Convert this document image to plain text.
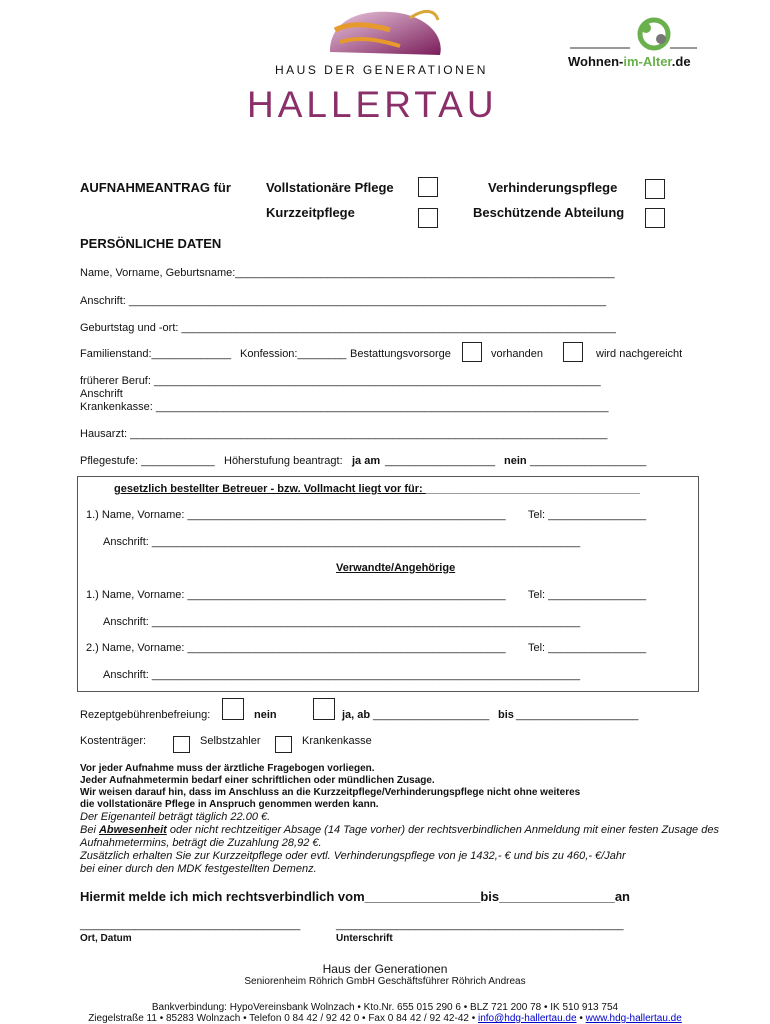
HAUS DER GENERATIONEN
HALLERTAU
Wohnen-im-Alter.de
AUFNAHMEANTRAG für	Vollstationäre Pflege	Verhinderungspflege
Kurzzeitpflege	Beschützende Abteilung
PERSÖNLICHE DATEN
Name, Vorname, Geburtsname:______________________________________________________________
Anschrift: ______________________________________________________________________________
Geburtstag und -ort: _______________________________________________________________________
Familienstand:_____________ Konfession:________ Bestattungsvorsorge	vorhanden	wird nachgereicht
früherer Beruf: _________________________________________________________________________
Anschrift
Krankenkasse: __________________________________________________________________________
Hausarzt: ______________________________________________________________________________
Pflegestufe: ____________ Höherstufung beantragt: ja am __________________ nein ___________________
gesetzlich bestellter Betreuer - bzw. Vollmacht liegt vor für: ___________________________________
1.) Name, Vorname: ____________________________________________________ Tel: ________________
Anschrift: ______________________________________________________________________
Verwandte/Angehörige
1.) Name, Vorname: ____________________________________________________ Tel: ________________
Anschrift: ______________________________________________________________________
2.) Name, Vorname: ____________________________________________________ Tel: ________________
Anschrift: ______________________________________________________________________
Rezeptgebührenbefreiung:	nein	ja, ab ___________________ bis ____________________
Kostenträger:	Selbstzahler	Krankenkasse
Vor jeder Aufnahme muss der ärztliche Fragebogen vorliegen.
Jeder Aufnahmetermin bedarf einer schriftlichen oder mündlichen Zusage.
Wir weisen darauf hin, dass im Anschluss an die Kurzzeitpflege/Verhinderungspflege nicht ohne weiteres
die vollstationäre Pflege in Anspruch genommen werden kann.
Der Eigenanteil beträgt täglich 22.00 €.
Bei Abwesenheit oder nicht rechtzeitiger Absage (14 Tage vorher) der rechtsverbindlichen Anmeldung mit einer festen Zusage des
Aufnahmetermins, beträgt die Zuzahlung 28,92 €.
Zusätzlich erhalten Sie zur Kurzzeitpflege oder evtl. Verhinderungspflege von je 1432,- € und bis zu 460,- €/Jahr
bei einer durch den MDK festgestellten Demenz.
Hiermit melde ich mich rechtsverbindlich vom________________bis________________an
____________________________________
Ort, Datum
_______________________________________________
Unterschrift
Haus der Generationen
Seniorenheim Röhrich GmbH Geschäftsführer Röhrich Andreas
Bankverbindung: HypoVereinsbank Wolnzach • Kto.Nr. 655 015 290 6 • BLZ 721 200 78 • IK 510 913 754
Ziegelstraße 11 • 85283 Wolnzach • Telefon 0 84 42 / 92 42 0 • Fax 0 84 42 / 92 42-42 • info@hdg-hallertau.de • www.hdg-hallertau.de
